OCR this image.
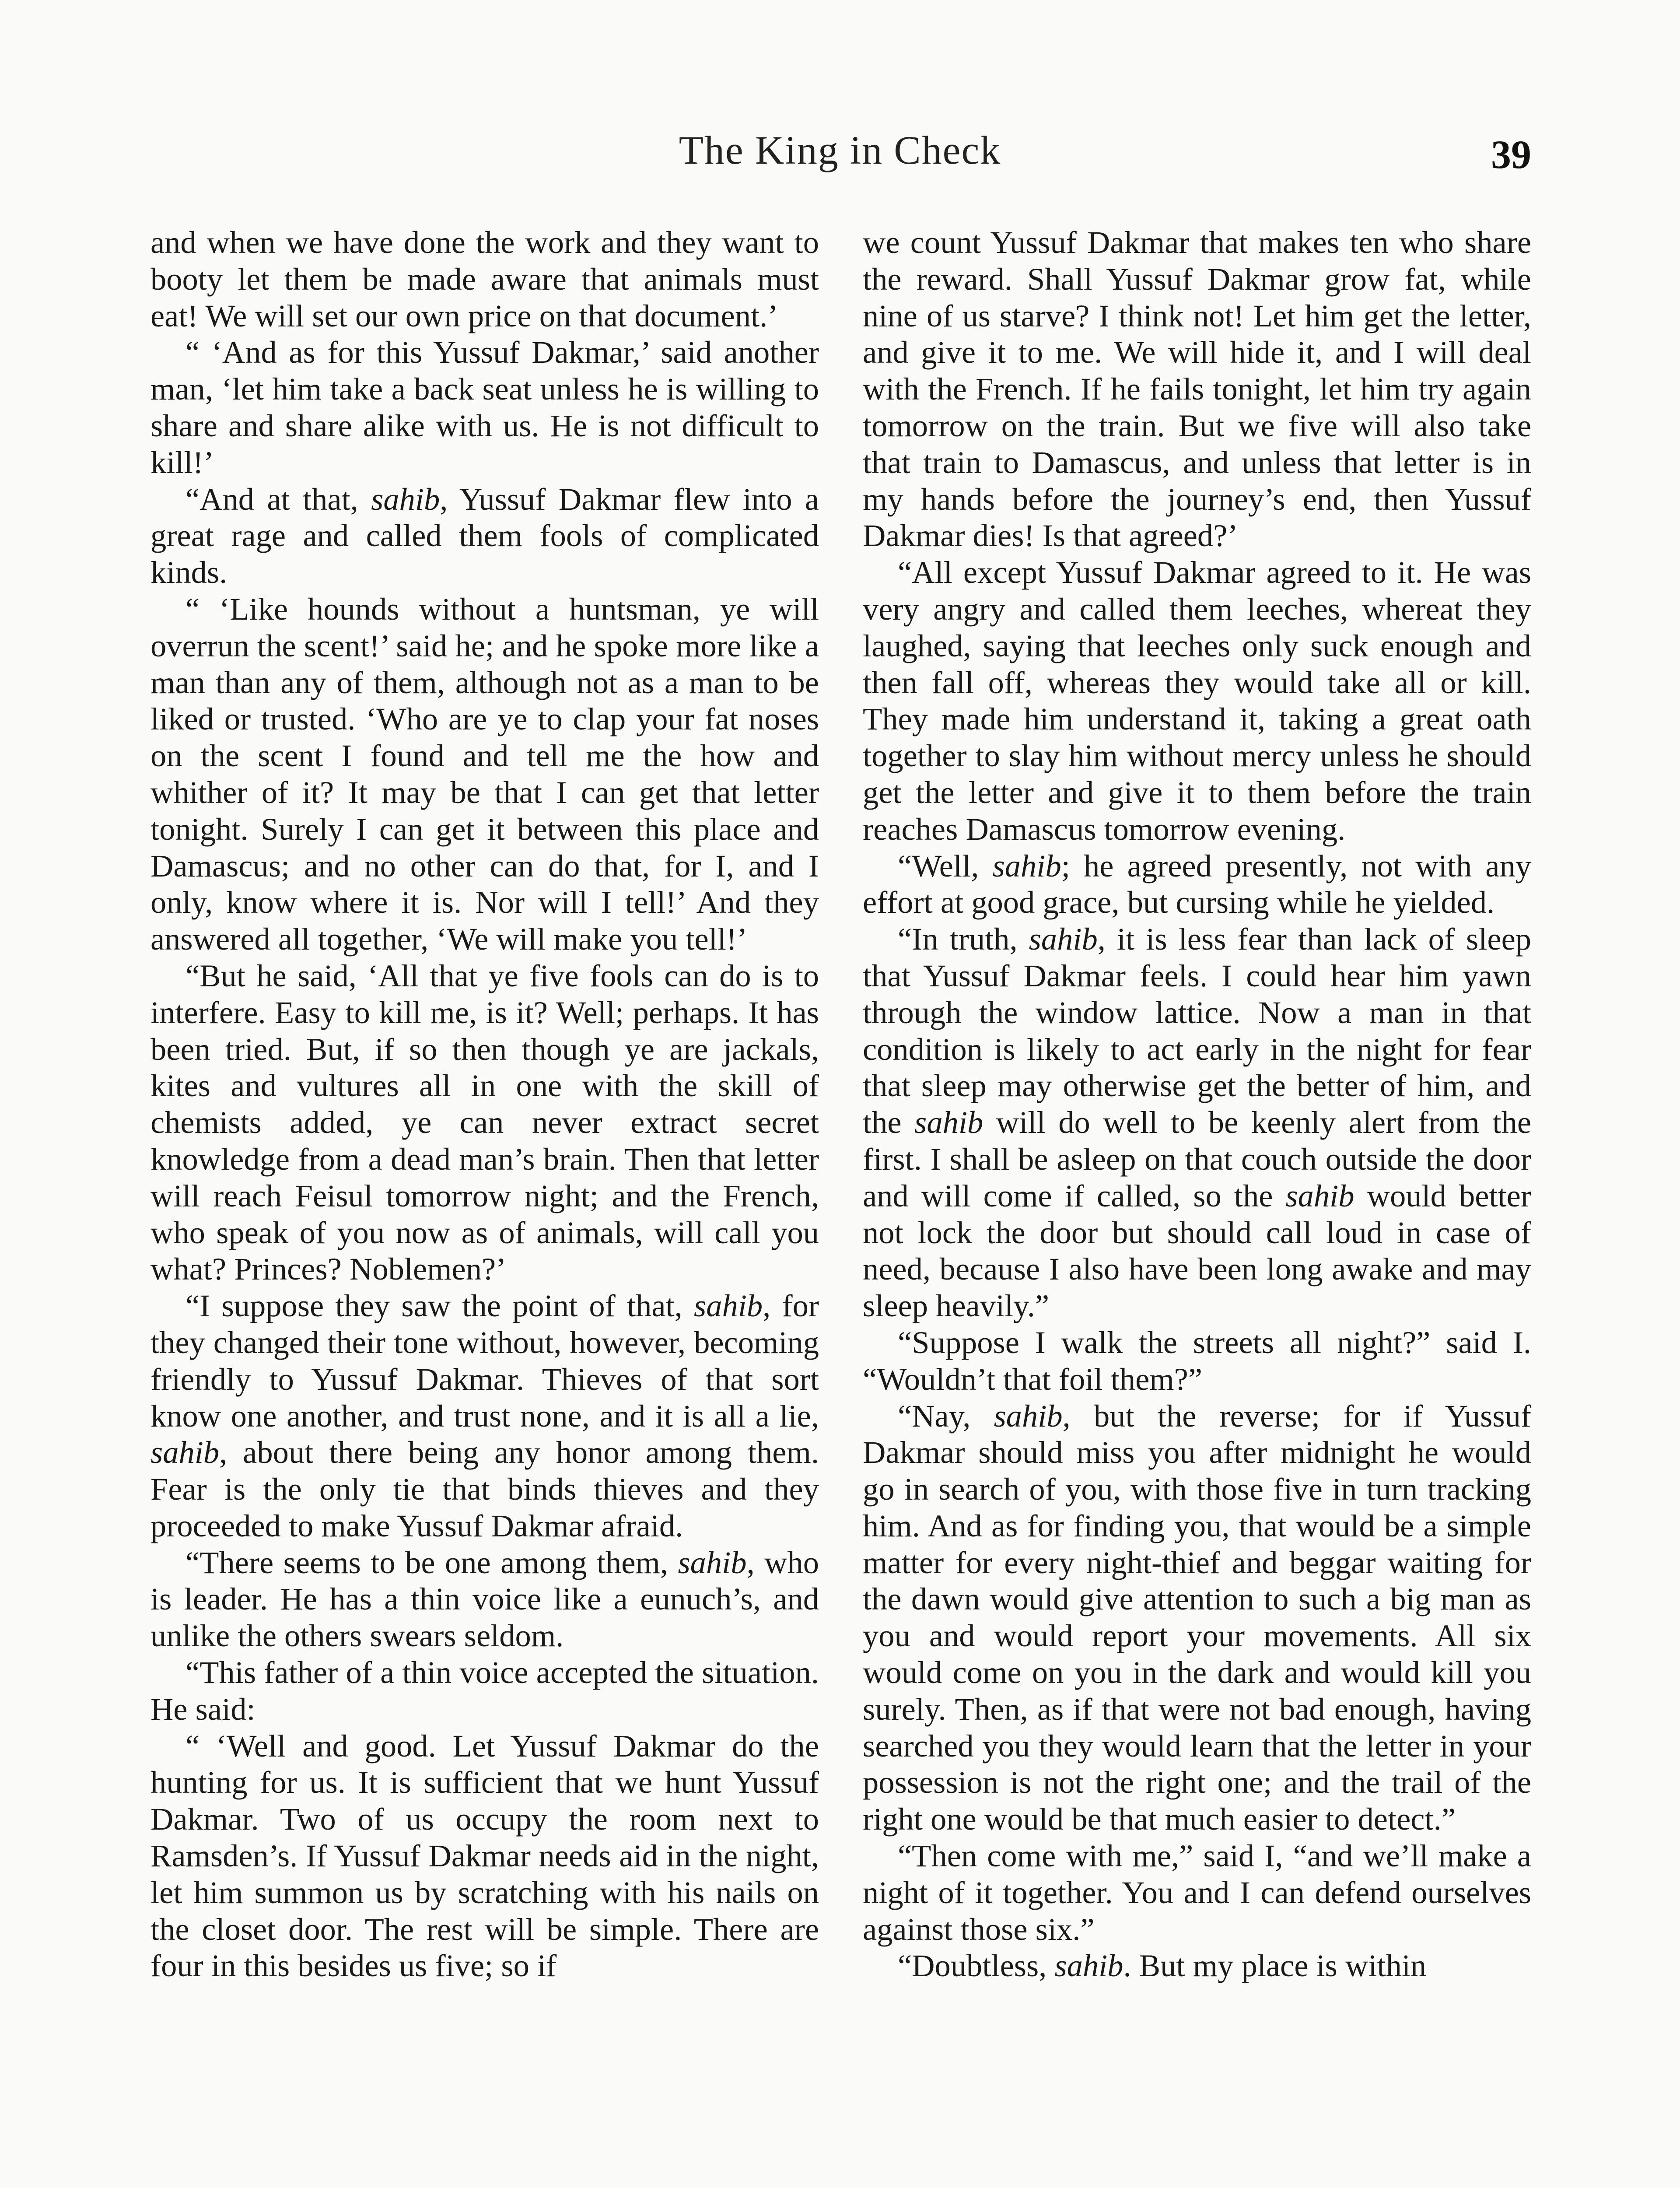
The King in Check	39

and when we have done the work and they want to booty let them be made aware that animals must eat! We will set our own price on that document.’

“ ‘And as for this Yussuf Dakmar,’ said another man, ‘let him take a back seat unless he is willing to share and share alike with us. He is not difficult to kill!’

“And at that, sahib, Yussuf Dakmar flew into a great rage and called them fools of complicated kinds.

“ ‘Like hounds without a huntsman, ye will overrun the scent!’ said he; and he spoke more like a man than any of them, although not as a man to be liked or trusted. ‘Who are ye to clap your fat noses on the scent I found and tell me the how and whither of it? It may be that I can get that letter tonight. Surely I can get it between this place and Damascus; and no other can do that, for I, and I only, know where it is. Nor will I tell!’ And they answered all together, ‘We will make you tell!’

“But he said, ‘All that ye five fools can do is to interfere. Easy to kill me, is it? Well; perhaps. It has been tried. But, if so then though ye are jackals, kites and vultures all in one with the skill of chemists added, ye can never extract secret knowledge from a dead man’s brain. Then that letter will reach Feisul tomorrow night; and the French, who speak of you now as of animals, will call you what? Princes? Noblemen?’

“I suppose they saw the point of that, sahib, for they changed their tone without, however, becoming friendly to Yussuf Dakmar. Thieves of that sort know one another, and trust none, and it is all a lie, sahib, about there being any honor among them. Fear is the only tie that binds thieves and they proceeded to make Yussuf Dakmar afraid.

“There seems to be one among them, sahib, who is leader. He has a thin voice like a eunuch’s, and unlike the others swears seldom.

“This father of a thin voice accepted the situation. He said:

“ ‘Well and good. Let Yussuf Dakmar do the hunting for us. It is sufficient that we hunt Yussuf Dakmar. Two of us occupy the room next to Ramsden’s. If Yussuf Dakmar needs aid in the night, let him summon us by scratching with his nails on the closet door. The rest will be simple. There are four in this besides us five; so if

we count Yussuf Dakmar that makes ten who share the reward. Shall Yussuf Dakmar grow fat, while nine of us starve? I think not! Let him get the letter, and give it to me. We will hide it, and I will deal with the French. If he fails tonight, let him try again tomorrow on the train. But we five will also take that train to Damascus, and unless that letter is in my hands before the journey’s end, then Yussuf Dakmar dies! Is that agreed?’

“All except Yussuf Dakmar agreed to it. He was very angry and called them leeches, whereat they laughed, saying that leeches only suck enough and then fall off, whereas they would take all or kill. They made him understand it, taking a great oath together to slay him without mercy unless he should get the letter and give it to them before the train reaches Damascus tomorrow evening.

“Well, sahib; he agreed presently, not with any effort at good grace, but cursing while he yielded.

“In truth, sahib, it is less fear than lack of sleep that Yussuf Dakmar feels. I could hear him yawn through the window lattice. Now a man in that condition is likely to act early in the night for fear that sleep may otherwise get the better of him, and the sahib will do well to be keenly alert from the first. I shall be asleep on that couch outside the door and will come if called, so the sahib would better not lock the door but should call loud in case of need, because I also have been long awake and may sleep heavily.”

“Suppose I walk the streets all night?” said I. “Wouldn’t that foil them?”

“Nay, sahib, but the reverse; for if Yussuf Dakmar should miss you after midnight he would go in search of you, with those five in turn tracking him. And as for finding you, that would be a simple matter for every night-thief and beggar waiting for the dawn would give attention to such a big man as you and would report your movements. All six would come on you in the dark and would kill you surely. Then, as if that were not bad enough, having searched you they would learn that the letter in your possession is not the right one; and the trail of the right one would be that much easier to detect.”

“Then come with me,” said I, “and we’ll make a night of it together. You and I can defend ourselves against those six.”

“Doubtless, sahib. But my place is within
